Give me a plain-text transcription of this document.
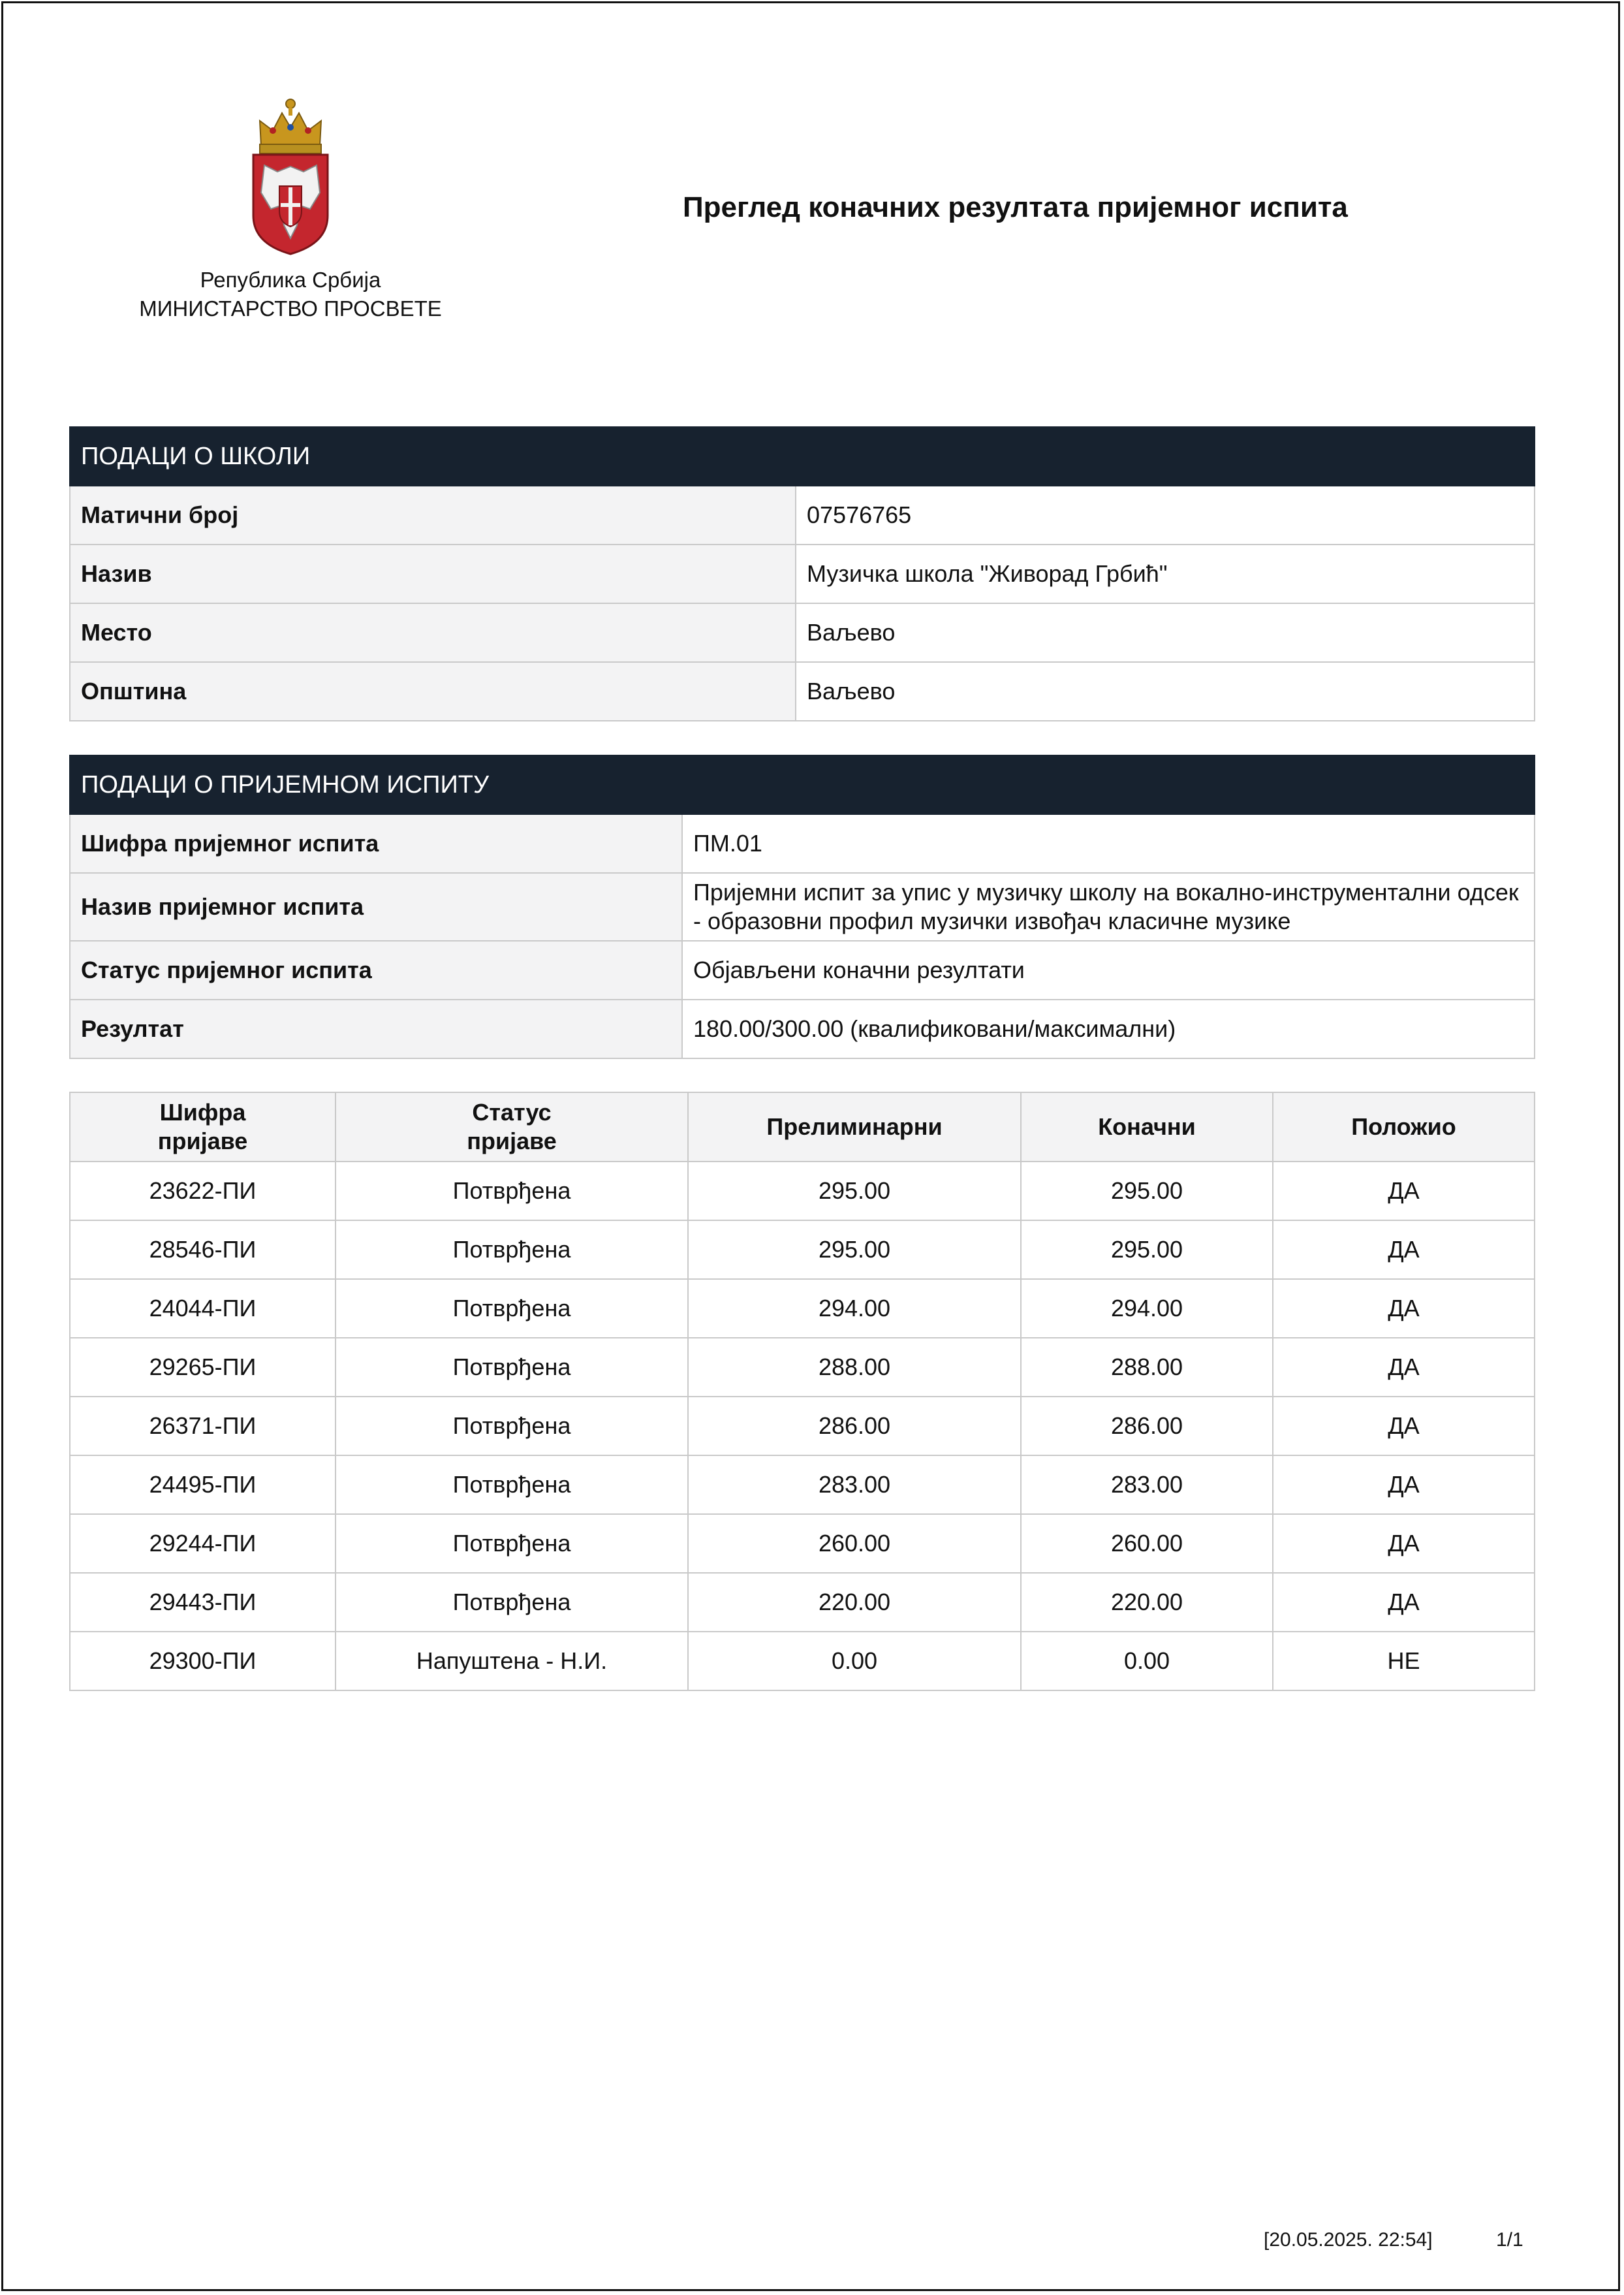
Република Србија
МИНИСТАРСТВО ПРОСВЕТЕ
Преглед коначних резултата пријемног испита
ПОДАЦИ О ШКОЛИ	
Матични број	07576765
Назив	Музичка школа "Живорад Грбић"
Место	Ваљево
Општина	Ваљево
ПОДАЦИ О ПРИЈЕМНОМ ИСПИТУ	
Шифра пријемног испита	ПМ.01
Назив пријемног испита	Пријемни испит за упис у музичку школу на вокално-инструментални одсек - образовни профил музички извођач класичне музике
Статус пријемног испита	Објављени коначни резултати
Резултат	180.00/300.00 (квалификовани/максимални)
Шифра пријаве	Статус пријаве	Прелиминарни	Коначни	Положио
23622-ПИ	Потврђена	295.00	295.00	ДА
28546-ПИ	Потврђена	295.00	295.00	ДА
24044-ПИ	Потврђена	294.00	294.00	ДА
29265-ПИ	Потврђена	288.00	288.00	ДА
26371-ПИ	Потврђена	286.00	286.00	ДА
24495-ПИ	Потврђена	283.00	283.00	ДА
29244-ПИ	Потврђена	260.00	260.00	ДА
29443-ПИ	Потврђена	220.00	220.00	ДА
29300-ПИ	Напуштена - Н.И.	0.00	0.00	НЕ
[20.05.2025. 22:54]	1/1
